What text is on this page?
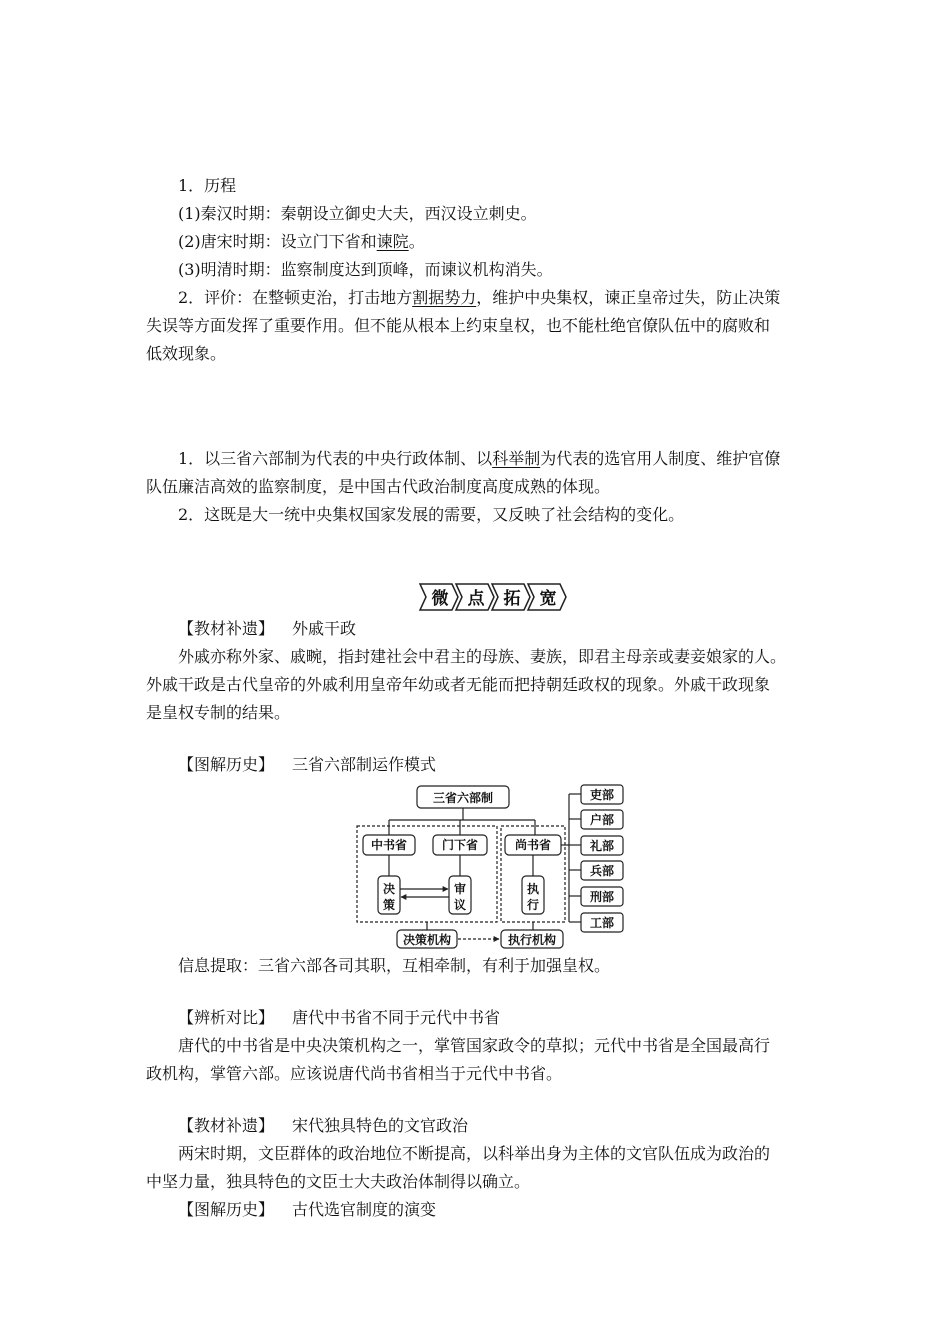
1．历程
(1)秦汉时期：秦朝设立御史大夫，西汉设立刺史。
(2)唐宋时期：设立门下省和谏院。
(3)明清时期：监察制度达到顶峰，而谏议机构消失。
2．评价：在整顿吏治，打击地方割据势力，维护中央集权，谏正皇帝过失，防止决策
失误等方面发挥了重要作用。但不能从根本上约束皇权，也不能杜绝官僚队伍中的腐败和
低效现象。
1．以三省六部制为代表的中央行政体制、以科举制为代表的选官用人制度、维护官僚
队伍廉洁高效的监察制度，是中国古代政治制度高度成熟的体现。
2．这既是大一统中央集权国家发展的需要，又反映了社会结构的变化。
微 点 拓 宽
【教材补遗】 外戚干政
外戚亦称外家、戚畹，指封建社会中君主的母族、妻族，即君主母亲或妻妾娘家的人。
外戚干政是古代皇帝的外戚利用皇帝年幼或者无能而把持朝廷政权的现象。外戚干政现象
是皇权专制的结果。
【图解历史】 三省六部制运作模式
三省六部制
中书省	门下省	尚书省
决
策
审
议
执
行
决策机构	执行机构
吏部
户部
礼部
兵部
刑部
工部
信息提取：三省六部各司其职，互相牵制，有利于加强皇权。
【辨析对比】 唐代中书省不同于元代中书省
唐代的中书省是中央决策机构之一，掌管国家政令的草拟；元代中书省是全国最高行
政机构，掌管六部。应该说唐代尚书省相当于元代中书省。
【教材补遗】 宋代独具特色的文官政治
两宋时期，文臣群体的政治地位不断提高，以科举出身为主体的文官队伍成为政治的
中坚力量，独具特色的文臣士大夫政治体制得以确立。
【图解历史】 古代选官制度的演变
